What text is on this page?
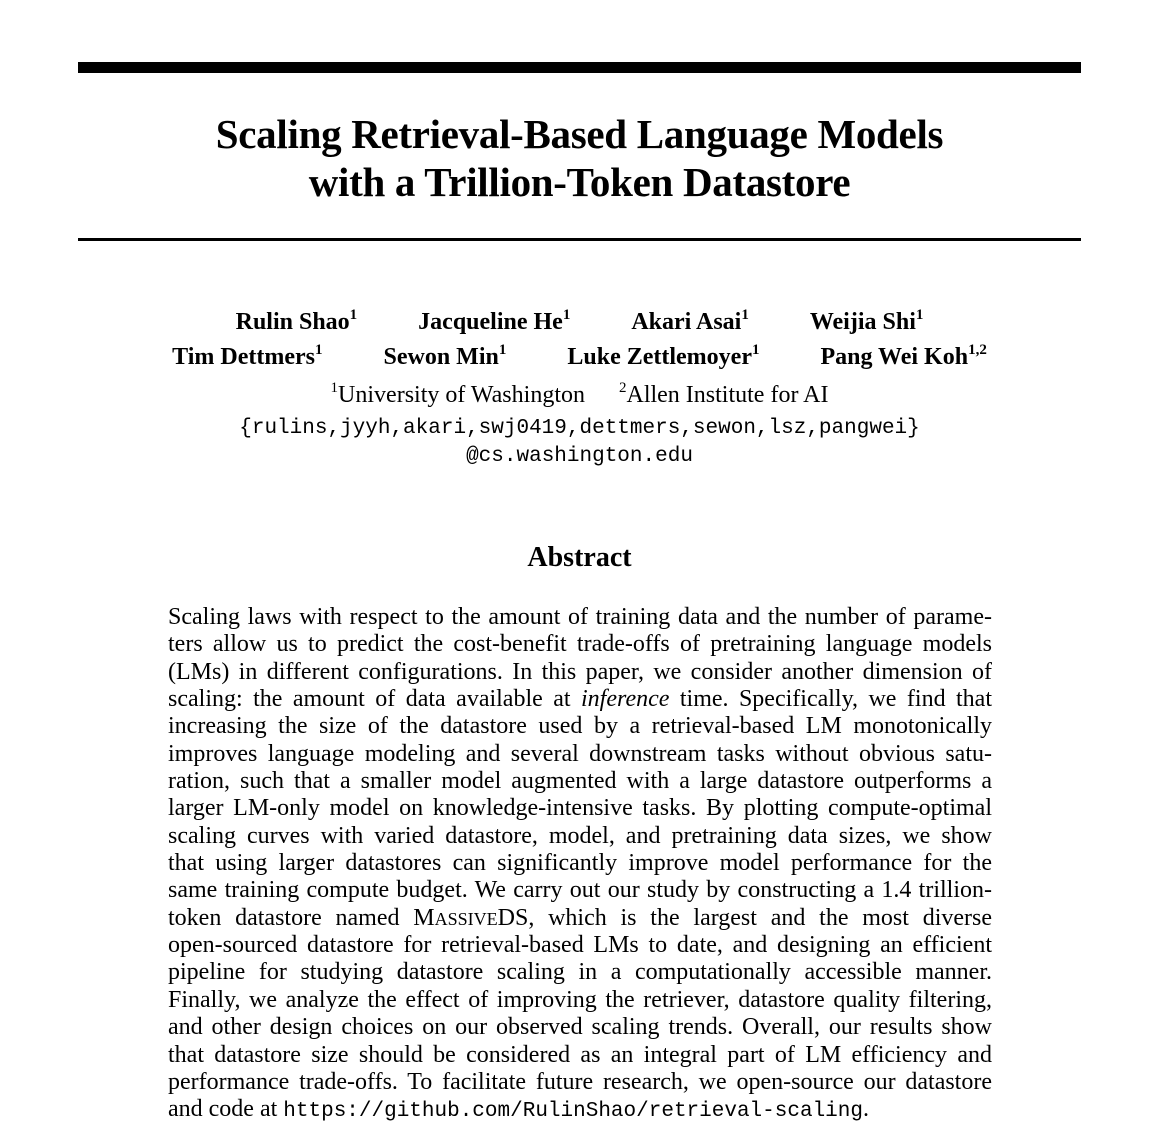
Scaling Retrieval-Based Language Models
with a Trillion-Token Datastore
Rulin Shao$^1$	Jacqueline He$^1$	Akari Asai$^1$	Weijia Shi$^1$
Tim Dettmers$^1$	Sewon Min$^1$	Luke Zettlemoyer$^1$	Pang Wei Koh$^{1,2}$
$^1$University of Washington $^2$Allen Institute for AI
{rulins,jyyh,akari,swj0419,dettmers,sewon,lsz,pangwei}
@cs.washington.edu
Abstract
Scaling laws with respect to the amount of training data and the number of parame-
ters allow us to predict the cost-benefit trade-offs of pretraining language models
(LMs) in different configurations. In this paper, we consider another dimension of
scaling: the amount of data available at inference time. Specifically, we find that
increasing the size of the datastore used by a retrieval-based LM monotonically
improves language modeling and several downstream tasks without obvious satu-
ration, such that a smaller model augmented with a large datastore outperforms a
larger LM-only model on knowledge-intensive tasks. By plotting compute-optimal
scaling curves with varied datastore, model, and pretraining data sizes, we show
that using larger datastores can significantly improve model performance for the
same training compute budget. We carry out our study by constructing a 1.4 trillion-
token datastore named MASSIVEDS, which is the largest and the most diverse
open-sourced datastore for retrieval-based LMs to date, and designing an efficient
pipeline for studying datastore scaling in a computationally accessible manner.
Finally, we analyze the effect of improving the retriever, datastore quality filtering,
and other design choices on our observed scaling trends. Overall, our results show
that datastore size should be considered as an integral part of LM efficiency and
performance trade-offs. To facilitate future research, we open-source our datastore
and code at https://github.com/RulinShao/retrieval-scaling.
